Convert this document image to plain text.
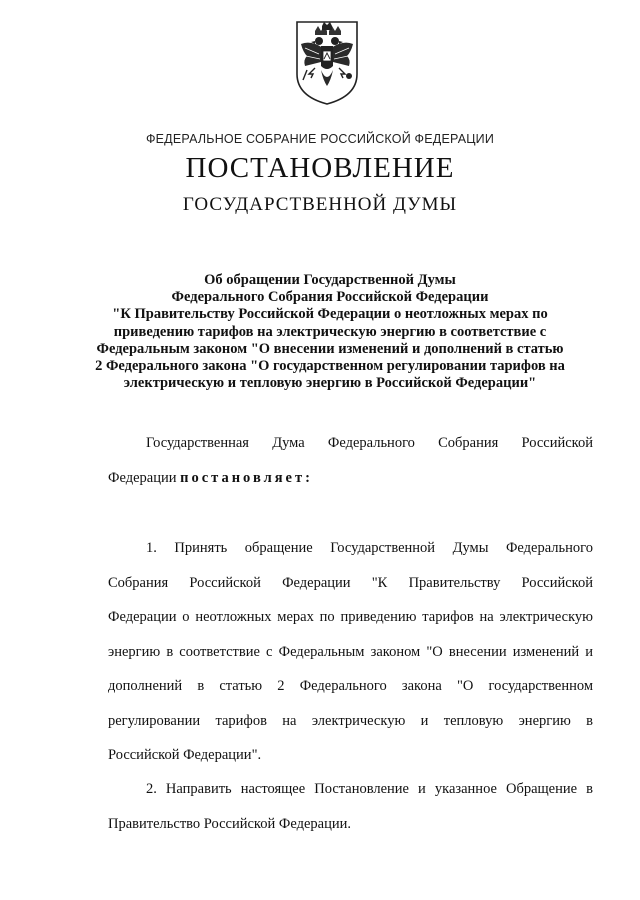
ФЕДЕРАЛЬНОЕ СОБРАНИЕ РОССИЙСКОЙ ФЕДЕРАЦИИ
ПОСТАНОВЛЕНИЕ
ГОСУДАРСТВЕННОЙ ДУМЫ
Об обращении Государственной Думы
Федерального Собрания Российской Федерации
"К Правительству Российской Федерации о неотложных мерах по
приведению тарифов на электрическую энергию в соответствие с
Федеральным законом "О внесении изменений и дополнений в статью
2 Федерального закона "О государственном регулировании тарифов на
электрическую и тепловую энергию в Российской Федерации"
Государственная Дума Федерального Собрания Российской
Федерации постановляет:
1. Принять обращение Государственной Думы Федерального
Собрания Российской Федерации "К Правительству Российской
Федерации о неотложных мерах по приведению тарифов на электрическую
энергию в соответствие с Федеральным законом "О внесении изменений и
дополнений в статью 2 Федерального закона "О государственном
регулировании тарифов на электрическую и тепловую энергию в
Российской Федерации".
2. Направить настоящее Постановление и указанное Обращение в
Правительство Российской Федерации.
